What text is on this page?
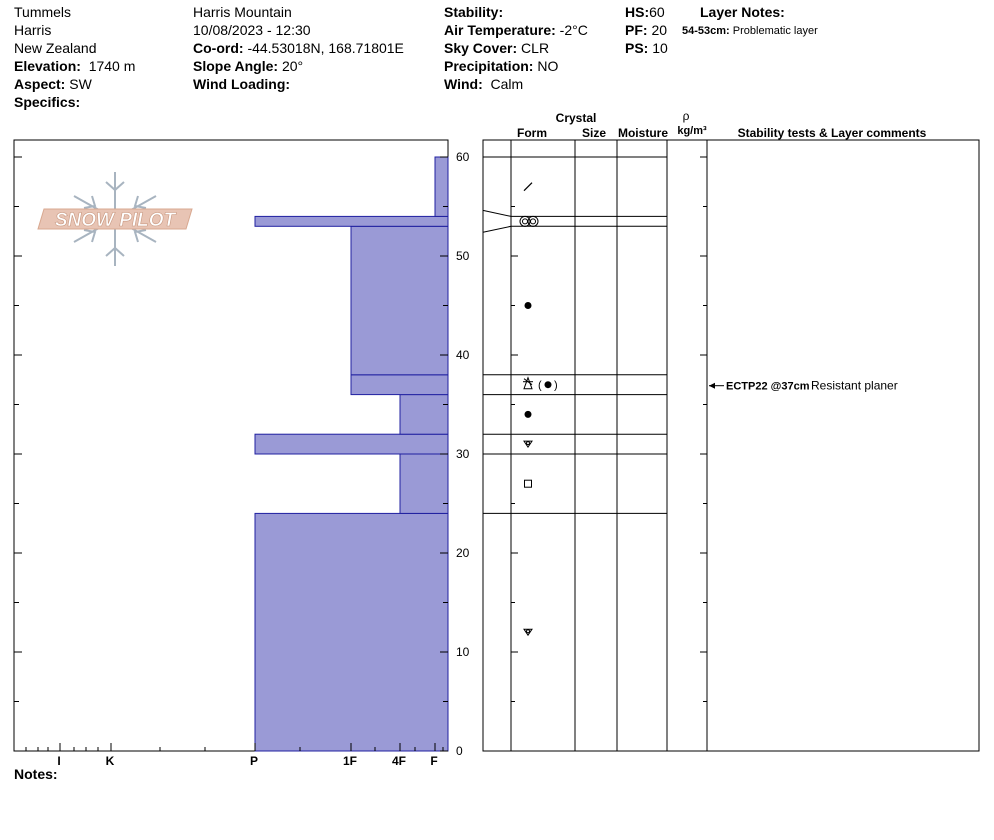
Tummels
Harris
New Zealand
Elevation: 1740 m
Aspect: SW
Specifics:
Harris Mountain
10/08/2023 - 12:30
Co-ord: -44.53018N, 168.71801E
Slope Angle: 20°
Wind Loading:
Stability:
Air Temperature: -2°C
Sky Cover: CLR
Precipitation: NO
Wind: Calm
HS:60
PF: 20
PS: 10
Layer Notes:
54-53cm: Problematic layer
Notes:
SNOW PILOT
0
10
20
30
40
50
60
I	K	P	1F	4F F
Crystal
Form	Size Moisture
ρ
kg/m³	Stability tests & Layer comments
( )	ECTP22 @37cm Resistant planer
